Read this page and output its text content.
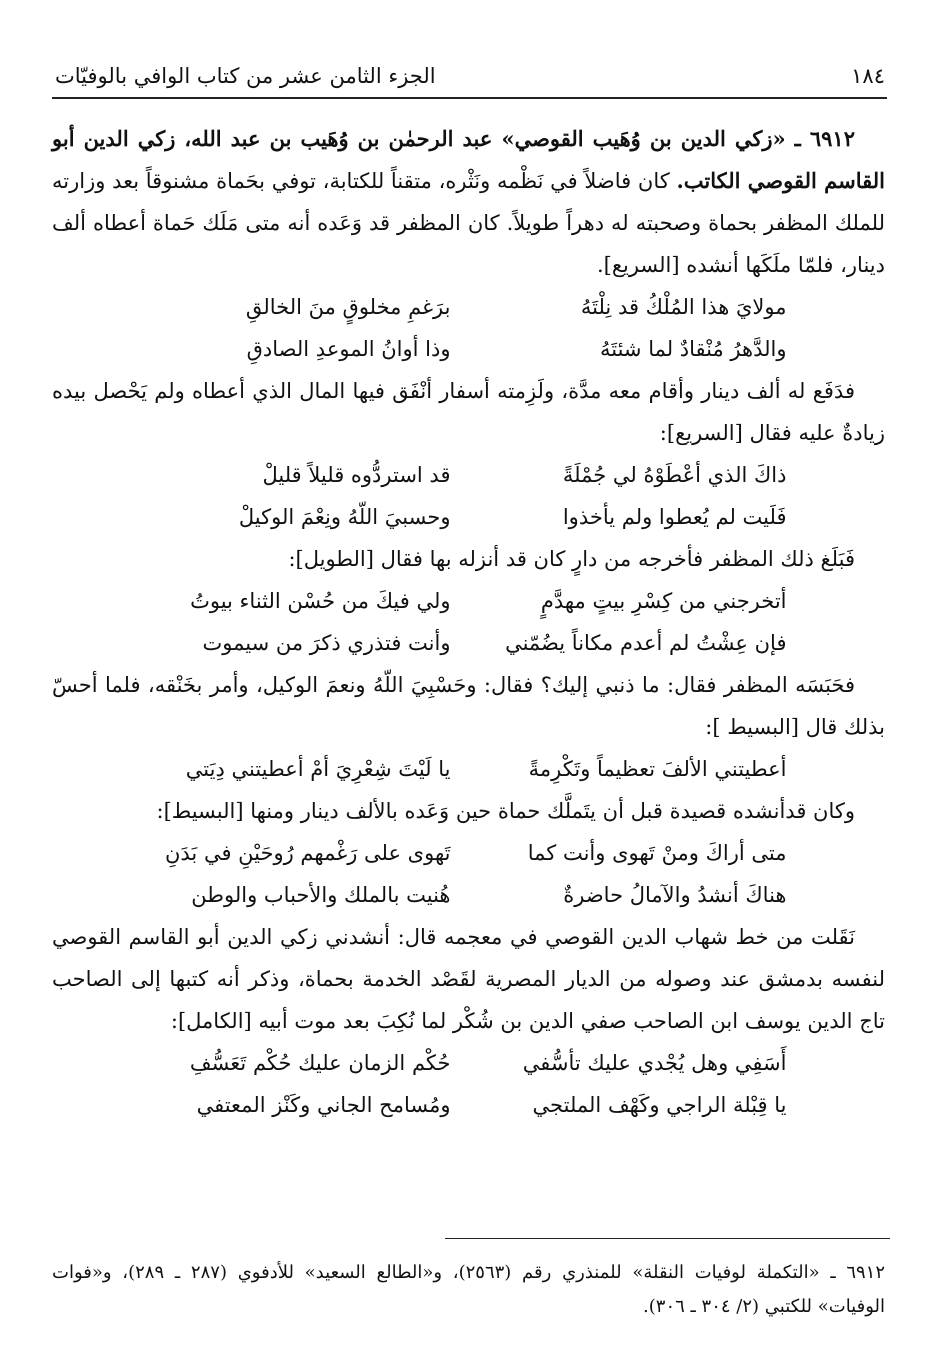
١٨٤
الجزء الثامن عشر من كتاب الوافي بالوفيّات

٦٩١٢ ـ «زكي الدين بن وُهَيب القوصي» عبد الرحمٰن بن وُهَيب بن عبد الله، زكي الدين أبو القاسم القوصي الكاتب. كان فاضلاً في نَظْمه ونَثْره، متقناً للكتابة، توفي بحَماة مشنوقاً بعد وزارته للملك المظفر بحماة وصحبته له دهراً طويلاً. كان المظفر قد وَعَده أنه متى مَلَك حَماة أعطاه ألف دينار، فلمّا ملَكَها أنشده [السريع].

مولايَ هذا المُلْكُ قد نِلْتَهُ
برَغمِ مخلوقٍ منَ الخالقِ
والدَّهرُ مُنْقادٌ لما شئتَهُ
وذا أوانُ الموعدِ الصادقِ

فدَفَع له ألف دينار وأقام معه مدَّة، ولَزِمته أسفار أنْفَق فيها المال الذي أعطاه ولم يَحْصل بيده زيادةٌ عليه فقال [السريع]:

ذاكَ الذي أعْطَوْهُ لي جُمْلَةً
قد استردُّوه قليلاً قليلْ
فَلَيت لم يُعطوا ولم يأخذوا
وحسبيَ اللّهُ ونِعْمَ الوكيلْ

فَبَلَغ ذلك المظفر فأخرجه من دارٍ كان قد أنزله بها فقال [الطويل]:

أتخرجني من كِسْرِ بيتٍ مهدَّمٍ
ولي فيكَ من حُسْن الثناء بيوتُ
فإن عِشْتُ لم أعدم مكاناً يضُمّني
وأنت فتذري ذكرَ من سيموت

فحَبَسَه المظفر فقال: ما ذنبي إليك؟ فقال: وحَسْبِيَ اللّهُ ونعمَ الوكيل، وأمر بخَنْقه، فلما أحسّ بذلك قال [البسيط ]:

أعطيتني الألفَ تعظيماً وتَكْرِمةً
يا لَيْتَ شِعْرِيَ أمْ أعطيتني دِيَتي

وكان قدأنشده قصيدة قبل أن يتَملَّك حماة حين وَعَده بالألف دينار ومنها [البسيط]:

متى أراكَ ومنْ تَهوى وأنت كما
تَهوى على رَغْمهم رُوحَيْنِ في بَدَنِ
هناكَ أنشدُ والآمالُ حاضرةٌ
هُنيت بالملك والأحباب والوطن

نَقَلت من خط شهاب الدين القوصي في معجمه قال: أنشدني زكي الدين أبو القاسم القوصي لنفسه بدمشق عند وصوله من الديار المصرية لقَصْد الخدمة بحماة، وذكر أنه كتبها إلى الصاحب تاج الدين يوسف ابن الصاحب صفي الدين بن شُكْر لما نُكِبَ بعد موت أبيه [الكامل]:

أَسَفِي وهل يُجْدي عليك تأسُّفي
حُكْم الزمان عليك حُكْم تَعَسُّفِ
يا قِبْلة الراجي وكَهْف الملتجي
ومُسامح الجاني وكَنْز المعتفي
٦٩١٢ ـ «التكملة لوفيات النقلة» للمنذري رقم (٢٥٦٣)، و«الطالع السعيد» للأدفوي (٢٨٧ ـ ٢٨٩)، و«فوات الوفيات» للكتبي (٢/ ٣٠٤ ـ ٣٠٦).
